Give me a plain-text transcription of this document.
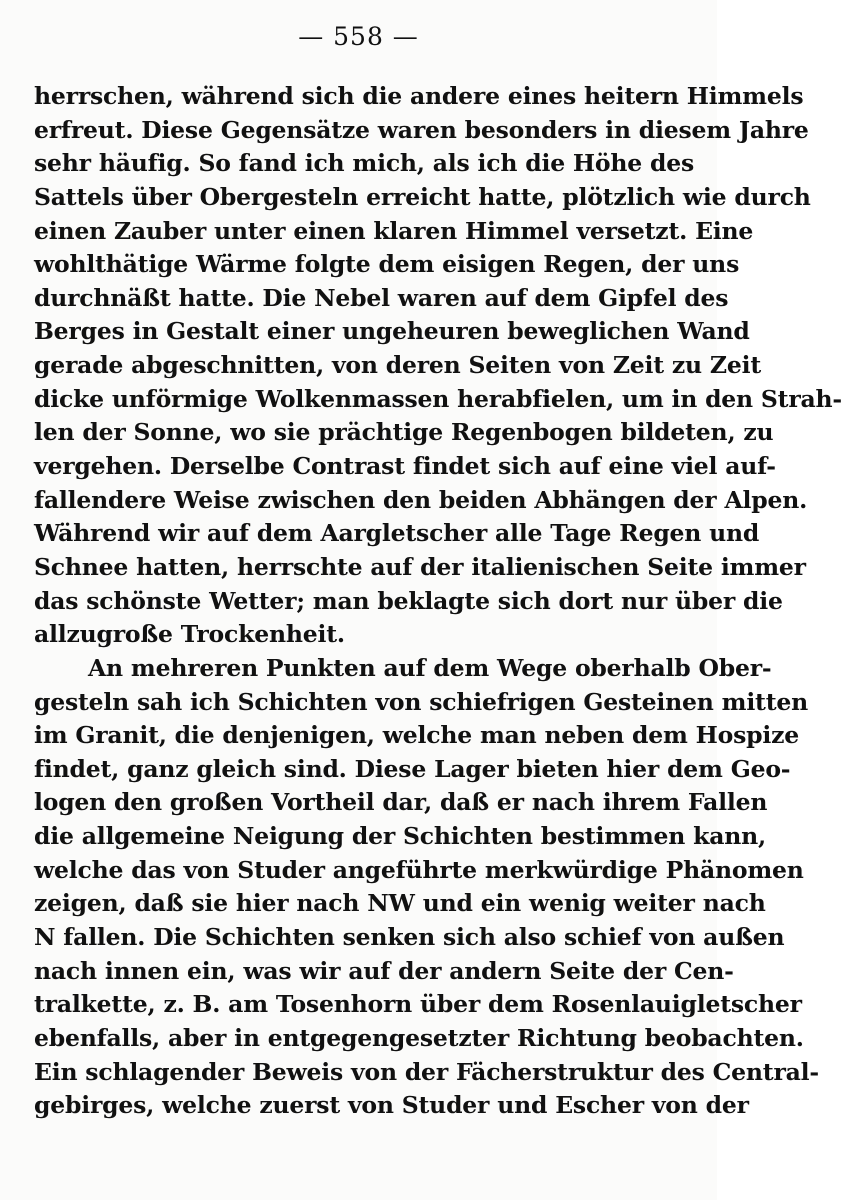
— 558 —
herrschen, während sich die andere eines heitern Himmels
erfreut. Diese Gegensätze waren besonders in diesem Jahre
sehr häufig. So fand ich mich, als ich die Höhe des
Sattels über Obergesteln erreicht hatte, plötzlich wie durch
einen Zauber unter einen klaren Himmel versetzt. Eine
wohlthätige Wärme folgte dem eisigen Regen, der uns
durchnäßt hatte. Die Nebel waren auf dem Gipfel des
Berges in Gestalt einer ungeheuren beweglichen Wand
gerade abgeschnitten, von deren Seiten von Zeit zu Zeit
dicke unförmige Wolkenmassen herabfielen, um in den Strah-
len der Sonne, wo sie prächtige Regenbogen bildeten, zu
vergehen. Derselbe Contrast findet sich auf eine viel auf-
fallendere Weise zwischen den beiden Abhängen der Alpen.
Während wir auf dem Aargletscher alle Tage Regen und
Schnee hatten, herrschte auf der italienischen Seite immer
das schönste Wetter; man beklagte sich dort nur über die
allzugroße Trockenheit.
An mehreren Punkten auf dem Wege oberhalb Ober-
gesteln sah ich Schichten von schiefrigen Gesteinen mitten
im Granit, die denjenigen, welche man neben dem Hospize
findet, ganz gleich sind. Diese Lager bieten hier dem Geo-
logen den großen Vortheil dar, daß er nach ihrem Fallen
die allgemeine Neigung der Schichten bestimmen kann,
welche das von Studer angeführte merkwürdige Phänomen
zeigen, daß sie hier nach NW und ein wenig weiter nach
N fallen. Die Schichten senken sich also schief von außen
nach innen ein, was wir auf der andern Seite der Cen-
tralkette, z. B. am Tosenhorn über dem Rosenlauigletscher
ebenfalls, aber in entgegengesetzter Richtung beobachten.
Ein schlagender Beweis von der Fächerstruktur des Central-
gebirges, welche zuerst von Studer und Escher von der
